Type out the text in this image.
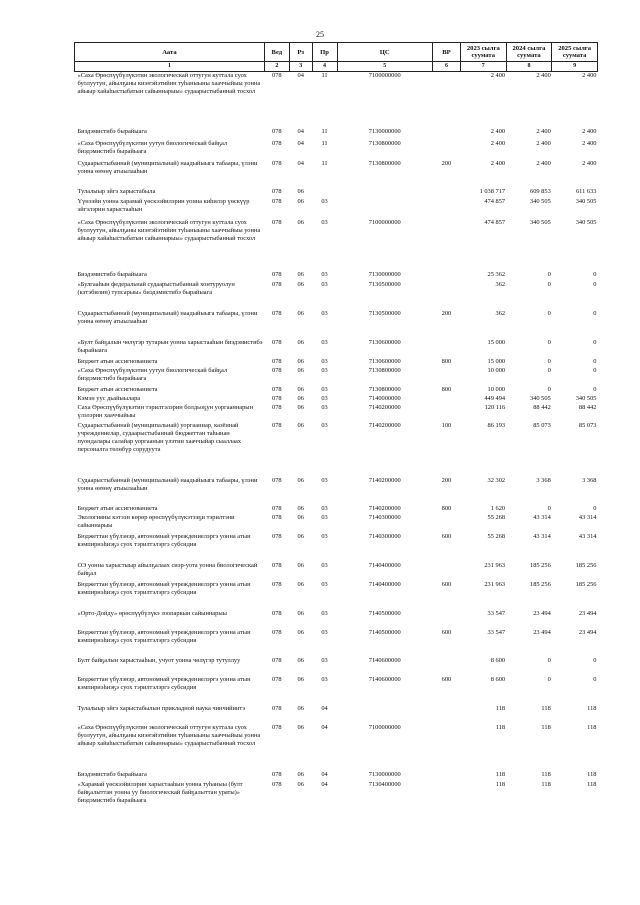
25
Аата	Вед	Рз	Пр	ЦС	ВР	2023 сылга суумата	2024 сылга суумата	2025 сылга суумата
1	2	3	4	5	6	7	8	9
«Саха Өрөспүүбүлүкэтин экологическай оттугун куттала суох буолуутун, айылҕаны киэҥэйэтийин туһаныыны хааччыйыы уонна айыыр хайаһыстыбатын сайыннарыы» судаарыстыбаннай тосхол	078	04	11	7100000000		2 400	2 400	2 400
Биэдэмистибэ бырайыага	078	04	11	7130000000		2 400	2 400	2 400
«Саха Өрөспүүбүлүкэтин уутун биологическай байҕал биэдэмистибэ бырайыага	078	04	11	7130800000		2 400	2 400	2 400
Судаарыстыбаннай (муниципальнай) наадыйыыга табаары, үлэни уонна өҥөнү атыылааһын	078	04	11	7130800000	200	2 400	2 400	2 400
Тулалыыр эйгэ харыстабыла	078	06				1 038 717	609 853	611 633
Үүнээйи уонна харамай үөскээйилэрин уонна киһилэр үөскүүр эйгэлэрин харыстааһын	078	06	03			474 857	340 505	340 505
«Саха Өрөспүүбүлүкэтин экологическай оттугун куттала суох буолуутун, айылҕаны киэҥэйэтийин туһаныыны хааччыйыы уонна айыыр хайаһыстыбатын сайыннарыы» судаарыстыбаннай тосхол	078	06	03	7100000000		474 857	340 505	340 505
Биэдэмистибэ бырайыага	078	06	03	7130000000		25 362	0	0
«Булгааһын федеральнай судаарыстыбаннай хонтуруолун (кэтэбилин) тупсарыы» биэдэмистибэ бырайыага	078	06	03	7130500000		362	0	0
Судаарыстыбаннай (муниципальнай) наадыйыыга табаары, үлэни уонна өҥөнү атыылааһын	078	06	03	7130500000	200	362	0	0
«Булт байҕалын чөлүгэр тутарын уонна харыстааһын биэдэмистибэ бырайыага	078	06	03	7130600000		15 000	0	0
Бюджет атын ассигнованиета	078	06	03	7130600000	800	15 000	0	0
«Саха Өрөспүүбүлүкэтин уутун биологическай байҕал биэдэмистибэ бырайыага	078	06	03	7130800000		10 000	0	0
Бюджет атын ассигнованиета	078	06	03	7130800000	800	10 000	0	0
Кэмэн уус дьайыылара	078	06	03	7140000000		449 494	340 505	340 505
Саха Өрөспүүбүлүкэтин тэрилтэлэрин болдьоҕун уоргааннарын үлэлэрин хааччыйыы	078	06	03	7140200000		120 116	88 442	88 442
Судаарыстыбаннай (муниципальнай) уоргааннар, казённай учреждениелар, судаарыстыбаннай бюджеттан таһынан пуондалары салайар уоргаанын үлэтин хааччыйар сыаллаах персоналга төлөбүр сорудуута	078	06	03	7140200000	100	86 193	85 073	85 073
Судаарыстыбаннай (муниципальнай) наадыйыыга табаары, үлэни уонна өҥөнү атыылааһын	078	06	03	7140200000	200	32 302	3 368	3 368
Бюджет атын ассигнованиета	078	06	03	7140200000	800	1 620	0	0
Экологияны кэтээн көрөр өрөспүүбүлүкэтээҕи тэрилтэни сайыннарыы	078	06	03	7140300000		55 268	43 314	43 314
Бюджеттан үбүлэнэр, автономнай учреждениелэргэ уонна атын кэмпириэһиэҕэ суох тэрилтэлэргэ субсидия	078	06	03	7140300000	600	55 268	43 314	43 314
ОЭ уонна харыстыыр айылҕалаах сиэр-уота уонна биологическай байҕал	078	06	03	7140400000		231 963	185 256	185 256
Бюджеттан үбүлэнэр, автономнай учреждениелэргэ уонна атын кэмпириэһиэҕэ суох тэрилтэлэргэ субсидия	078	06	03	7140400000	600	231 963	185 256	185 256
«Орто-Дойду» өрөспүүбүлүкэ зоопаркын сайыннарыы	078	06	03	7140500000		33 547	23 494	23 494
Бюджеттан үбүлэнэр, автономнай учреждениелэргэ уонна атын кэмпириэһиэҕэ суох тэрилтэлэргэ субсидия	078	06	03	7140500000	600	33 547	23 494	23 494
Булт байҕалын харыстааһын, учуот уонна чөлүгэр тутуллуу	078	06	03	7140600000		8 600	0	0
Бюджеттан үбүлэнэр, автономнай учреждениелэргэ уонна атын кэмпириэһиэҕэ суох тэрилтэлэргэ субсидия	078	06	03	7140600000	600	8 600	0	0
Тулалыыр эйгэ харыстабылын прикладной наука чинчийиитэ	078	06	04			118	118	118
«Саха Өрөспүүбүлүкэтин экологическай оттугун куттала суох буолуутун, айылҕаны киэҥэйэтийин туһаныыны хааччыйыы уонна айыыр хайаһыстыбатын сайыннарыы» судаарыстыбаннай тосхол	078	06	04	7100000000		118	118	118
Биэдэмистибэ бырайыага	078	06	04	7130000000		118	118	118
«Харамай үөскээйилэрин харыстааһын уонна туһаныы (булт байҕалыттан уонна уу биологическай байҕалыттан ураты)» биэдэмистибэ бырайыага	078	06	04	7130400000		118	118	118
